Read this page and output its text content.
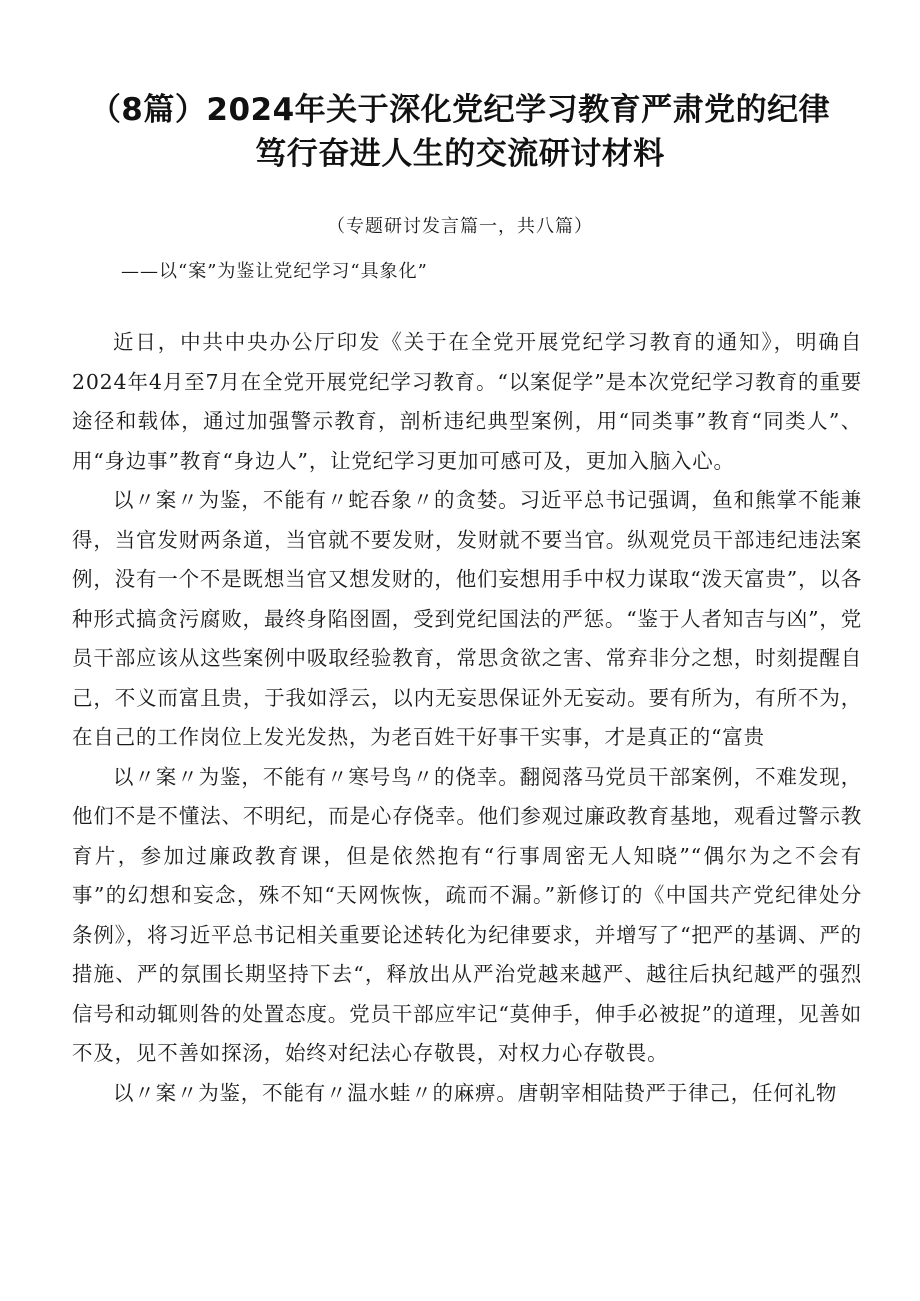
（8篇）2024年关于深化党纪学习教育严肃党的纪律
笃行奋进人生的交流研讨材料
（专题研讨发言篇一，共八篇）
——以“案”为鉴让党纪学习“具象化”

近日，中共中央办公厅印发《关于在全党开展党纪学习教育的通知》，明确自2024年4月至7月在全党开展党纪学习教育。“以案促学”是本次党纪学习教育的重要途径和载体，通过加强警示教育，剖析违纪典型案例，用“同类事”教育“同类人”、用“身边事”教育“身边人”，让党纪学习更加可感可及，更加入脑入心。

以〃案〃为鉴，不能有〃蛇吞象〃的贪婪。习近平总书记强调，鱼和熊掌不能兼得，当官发财两条道，当官就不要发财，发财就不要当官。纵观党员干部违纪违法案例，没有一个不是既想当官又想发财的，他们妄想用手中权力谋取“泼天富贵”，以各种形式搞贪污腐败，最终身陷囹圄，受到党纪国法的严惩。“鉴于人者知吉与凶”，党员干部应该从这些案例中吸取经验教育，常思贪欲之害、常弃非分之想，时刻提醒自己，不义而富且贵，于我如浮云，以内无妄思保证外无妄动。要有所为，有所不为，在自己的工作岗位上发光发热，为老百姓干好事干实事，才是真正的“富贵

以〃案〃为鉴，不能有〃寒号鸟〃的侥幸。翻阅落马党员干部案例，不难发现，他们不是不懂法、不明纪，而是心存侥幸。他们参观过廉政教育基地，观看过警示教育片，参加过廉政教育课，但是依然抱有“行事周密无人知晓”“偶尔为之不会有事”的幻想和妄念，殊不知“天网恢恢，疏而不漏。”新修订的《中国共产党纪律处分条例》，将习近平总书记相关重要论述转化为纪律要求，并增写了“把严的基调、严的措施、严的氛围长期坚持下去“，释放出从严治党越来越严、越往后执纪越严的强烈信号和动辄则咎的处置态度。党员干部应牢记“莫伸手，伸手必被捉”的道理，见善如不及，见不善如探汤，始终对纪法心存敬畏，对权力心存敬畏。

以〃案〃为鉴，不能有〃温水蛙〃的麻痹。唐朝宰相陆贽严于律己，任何礼物
